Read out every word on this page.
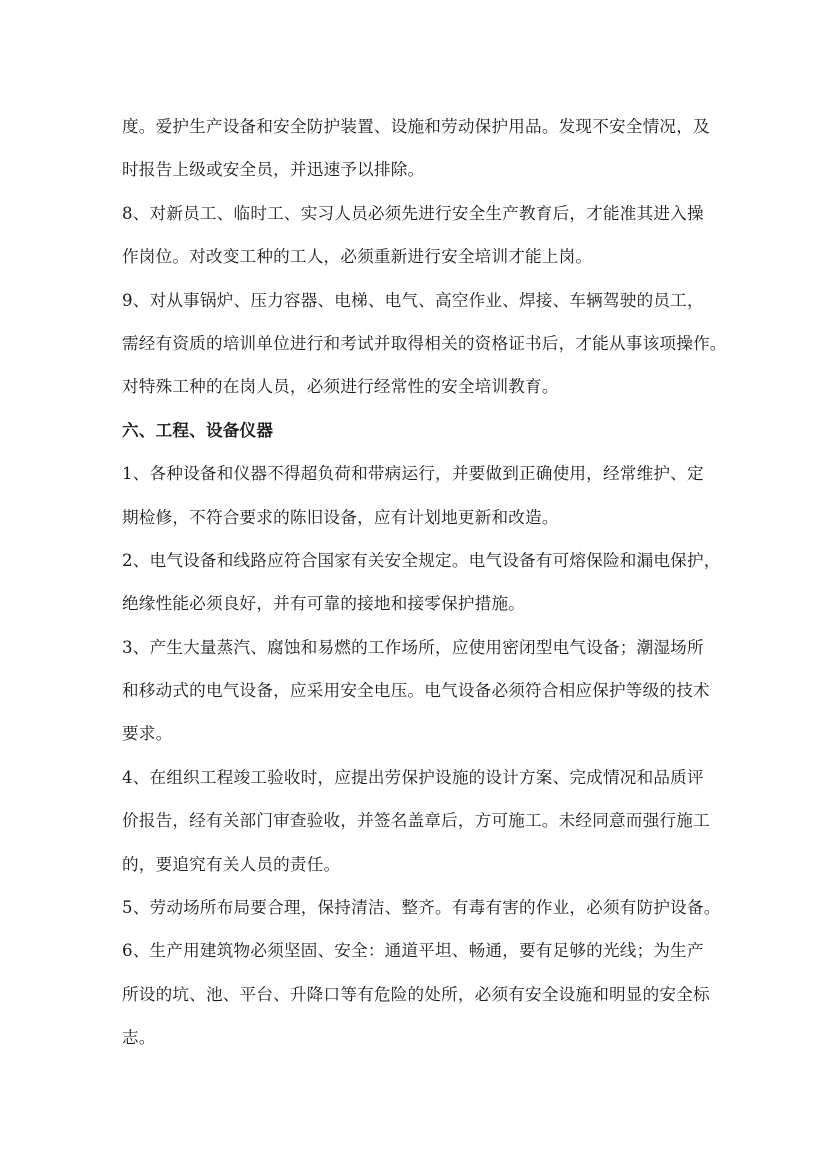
度。爱护生产设备和安全防护装置、设施和劳动保护用品。发现不安全情况，及
时报告上级或安全员，并迅速予以排除。
8、对新员工、临时工、实习人员必须先进行安全生产教育后，才能准其进入操
作岗位。对改变工种的工人，必须重新进行安全培训才能上岗。
9、对从事锅炉、压力容器、电梯、电气、高空作业、焊接、车辆驾驶的员工，
需经有资质的培训单位进行和考试并取得相关的资格证书后，才能从事该项操作。
对特殊工种的在岗人员，必须进行经常性的安全培训教育。
六、工程、设备仪器
1、各种设备和仪器不得超负荷和带病运行，并要做到正确使用，经常维护、定
期检修，不符合要求的陈旧设备，应有计划地更新和改造。
2、电气设备和线路应符合国家有关安全规定。电气设备有可熔保险和漏电保护，
绝缘性能必须良好，并有可靠的接地和接零保护措施。
3、产生大量蒸汽、腐蚀和易燃的工作场所，应使用密闭型电气设备；潮湿场所
和移动式的电气设备，应采用安全电压。电气设备必须符合相应保护等级的技术
要求。
4、在组织工程竣工验收时，应提出劳保护设施的设计方案、完成情况和品质评
价报告，经有关部门审查验收，并签名盖章后，方可施工。未经同意而强行施工
的，要追究有关人员的责任。
5、劳动场所布局要合理，保持清洁、整齐。有毒有害的作业，必须有防护设备。
6、生产用建筑物必须坚固、安全：通道平坦、畅通，要有足够的光线；为生产
所设的坑、池、平台、升降口等有危险的处所，必须有安全设施和明显的安全标
志。
